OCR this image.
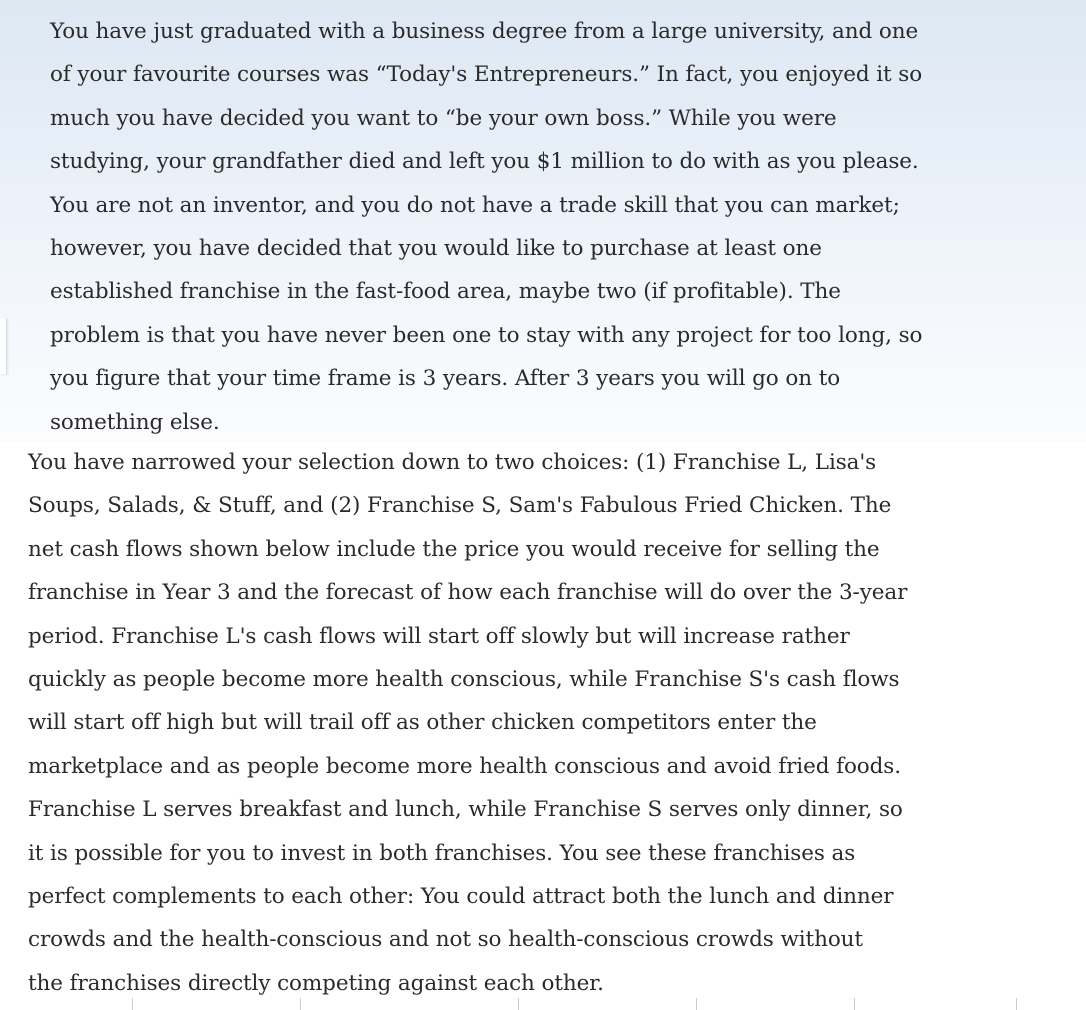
You have just graduated with a business degree from a large university, and one
of your favourite courses was “Today's Entrepreneurs.” In fact, you enjoyed it so
much you have decided you want to “be your own boss.” While you were
studying, your grandfather died and left you $1 million to do with as you please.
You are not an inventor, and you do not have a trade skill that you can market;
however, you have decided that you would like to purchase at least one
established franchise in the fast-food area, maybe two (if profitable). The
problem is that you have never been one to stay with any project for too long, so
you figure that your time frame is 3 years. After 3 years you will go on to
something else.

You have narrowed your selection down to two choices: (1) Franchise L, Lisa's
Soups, Salads, & Stuff, and (2) Franchise S, Sam's Fabulous Fried Chicken. The
net cash flows shown below include the price you would receive for selling the
franchise in Year 3 and the forecast of how each franchise will do over the 3-year
period. Franchise L's cash flows will start off slowly but will increase rather
quickly as people become more health conscious, while Franchise S's cash flows
will start off high but will trail off as other chicken competitors enter the
marketplace and as people become more health conscious and avoid fried foods.
Franchise L serves breakfast and lunch, while Franchise S serves only dinner, so
it is possible for you to invest in both franchises. You see these franchises as
perfect complements to each other: You could attract both the lunch and dinner
crowds and the health-conscious and not so health-conscious crowds without
the franchises directly competing against each other.
